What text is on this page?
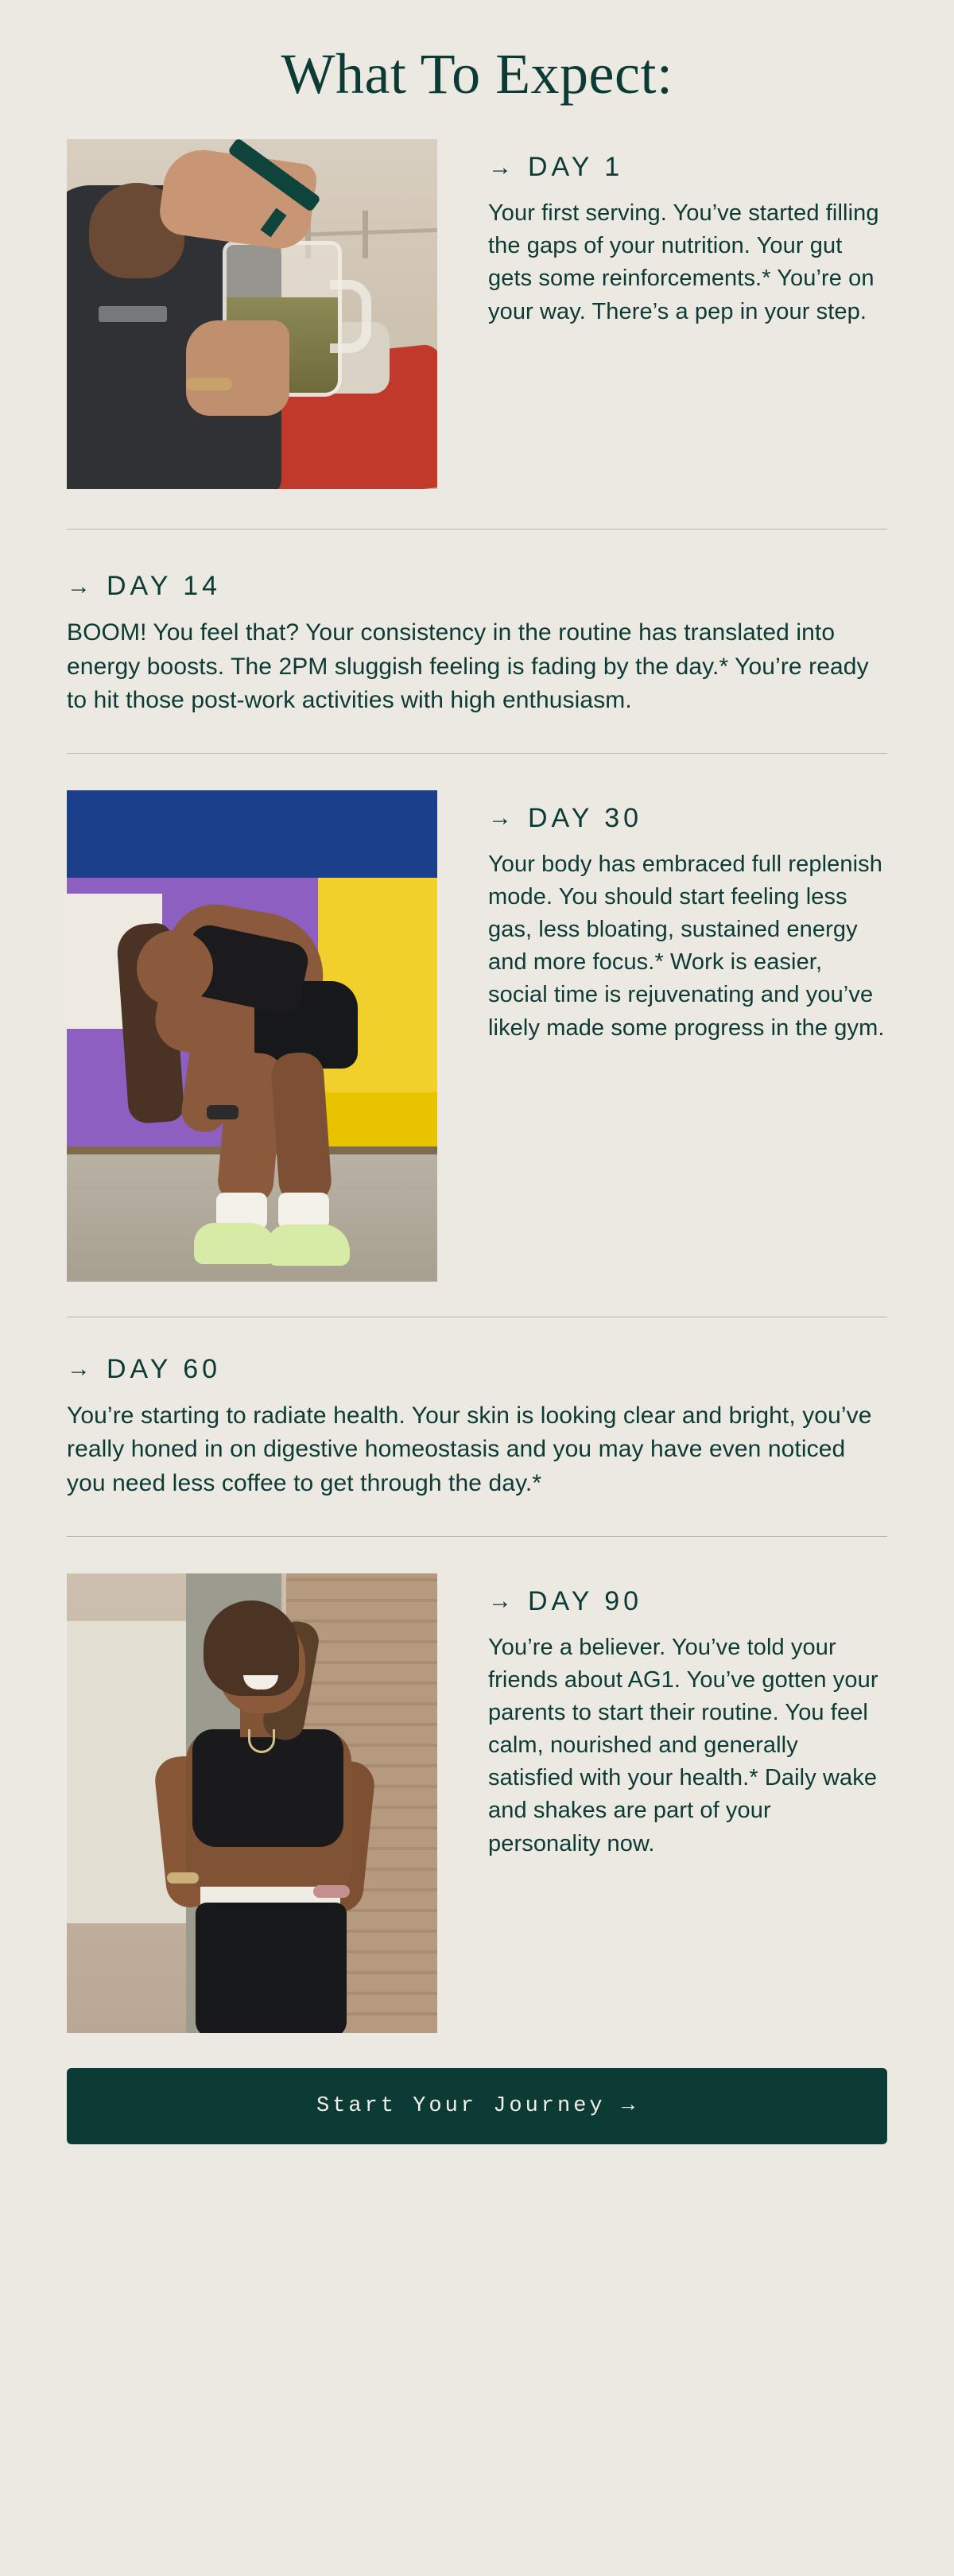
What To Expect:
→ DAY 1

Your first serving. You’ve started filling the gaps of your nutrition. Your gut gets some reinforcements.* You’re on your way. There’s a pep in your step.

→ DAY 14

BOOM! You feel that? Your consistency in the routine has translated into energy boosts. The 2PM sluggish feeling is fading by the day.* You’re ready to hit those post-work activities with high enthusiasm.

→ DAY 30

Your body has embraced full replenish mode. You should start feeling less gas, less bloating, sustained energy and more focus.* Work is easier, social time is rejuvenating and you’ve likely made some progress in the gym.

→ DAY 60

You’re starting to radiate health. Your skin is looking clear and bright, you’ve really honed in on digestive homeostasis and you may have even noticed you need less coffee to get through the day.*

→ DAY 90

You’re a believer. You’ve told your friends about AG1. You’ve gotten your parents to start their routine. You feel calm, nourished and generally satisfied with your health.* Daily wake and shakes are part of your personality now.

Start Your Journey →
